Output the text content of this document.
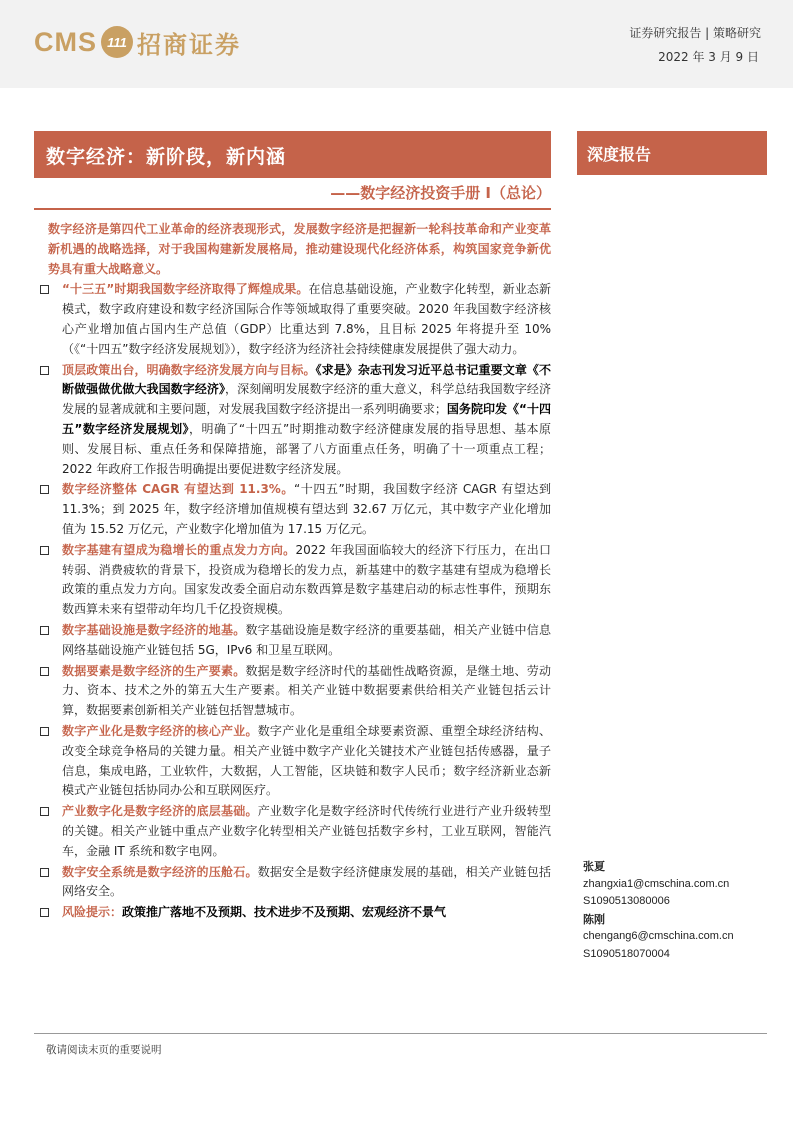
CMS 111 招商证券	证券研究报告 | 策略研究
2022 年 3 月 9 日
数字经济：新阶段，新内涵
——数字经济投资手册 I（总论）
深度报告
数字经济是第四代工业革命的经济表现形式，发展数字经济是把握新一轮科技革命和产业变革新机遇的战略选择，对于我国构建新发展格局，推动建设现代化经济体系，构筑国家竞争新优势具有重大战略意义。
“十三五”时期我国数字经济取得了辉煌成果。在信息基础设施，产业数字化转型，新业态新模式，数字政府建设和数字经济国际合作等领域取得了重要突破。2020 年我国数字经济核心产业增加值占国内生产总值（GDP）比重达到 7.8%，且目标 2025 年将提升至 10%（《“十四五”数字经济发展规划》），数字经济为经济社会持续健康发展提供了强大动力。
顶层政策出台，明确数字经济发展方向与目标。《求是》杂志刊发习近平总书记重要文章《不断做强做优做大我国数字经济》，深刻阐明发展数字经济的重大意义，科学总结我国数字经济发展的显著成就和主要问题，对发展我国数字经济提出一系列明确要求；国务院印发《“十四五”数字经济发展规划》，明确了“十四五”时期推动数字经济健康发展的指导思想、基本原则、发展目标、重点任务和保障措施，部署了八方面重点任务，明确了十一项重点工程；2022 年政府工作报告明确提出要促进数字经济发展。
数字经济整体 CAGR 有望达到 11.3%。“十四五”时期，我国数字经济 CAGR 有望达到 11.3%；到 2025 年，数字经济增加值规模有望达到 32.67 万亿元，其中数字产业化增加值为 15.52 万亿元，产业数字化增加值为 17.15 万亿元。
数字基建有望成为稳增长的重点发力方向。2022 年我国面临较大的经济下行压力，在出口转弱、消费疲软的背景下，投资成为稳增长的发力点，新基建中的数字基建有望成为稳增长政策的重点发力方向。国家发改委全面启动东数西算是数字基建启动的标志性事件，预期东数西算未来有望带动年均几千亿投资规模。
数字基础设施是数字经济的地基。数字基础设施是数字经济的重要基础，相关产业链中信息网络基础设施产业链包括 5G，IPv6 和卫星互联网。
数据要素是数字经济的生产要素。数据是数字经济时代的基础性战略资源，是继土地、劳动力、资本、技术之外的第五大生产要素。相关产业链中数据要素供给相关产业链包括云计算，数据要素创新相关产业链包括智慧城市。
数字产业化是数字经济的核心产业。数字产业化是重组全球要素资源、重塑全球经济结构、改变全球竞争格局的关键力量。相关产业链中数字产业化关键技术产业链包括传感器，量子信息，集成电路，工业软件，大数据，人工智能，区块链和数字人民币；数字经济新业态新模式产业链包括协同办公和互联网医疗。
产业数字化是数字经济的底层基础。产业数字化是数字经济时代传统行业进行产业升级转型的关键。相关产业链中重点产业数字化转型相关产业链包括数字乡村，工业互联网，智能汽车，金融 IT 系统和数字电网。
数字安全系统是数字经济的压舱石。数据安全是数字经济健康发展的基础，相关产业链包括网络安全。
风险提示：政策推广落地不及预期、技术进步不及预期、宏观经济不景气
张夏
zhangxia1@cmschina.com.cn
S1090513080006
陈刚
chengang6@cmschina.com.cn
S1090518070004
敬请阅读末页的重要说明
